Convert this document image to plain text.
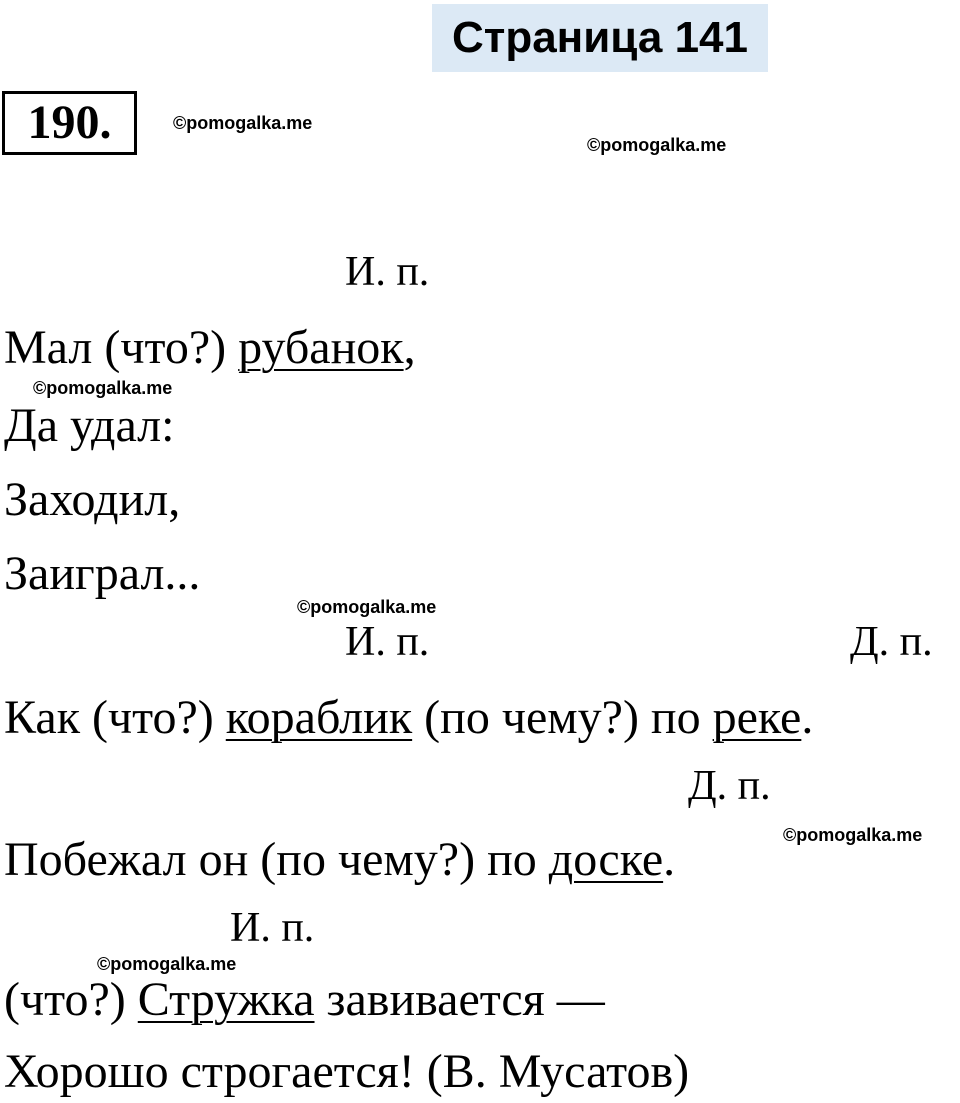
Страница 141
190.	©pomogalka.me
©pomogalka.me
©pomogalka.me
©pomogalka.me
©pomogalka.me
©pomogalka.me
И. п.
Мал (что?) рубанок,
Да удал:
Заходил,
Заиграл...
И. п.	Д. п.
Как (что?) кораблик (по чему?) по реке.
Д. п.
Побежал он (по чему?) по доске.
И. п.
(что?) Стружка завивается —
Хорошо строгается! (В. Мусатов)
